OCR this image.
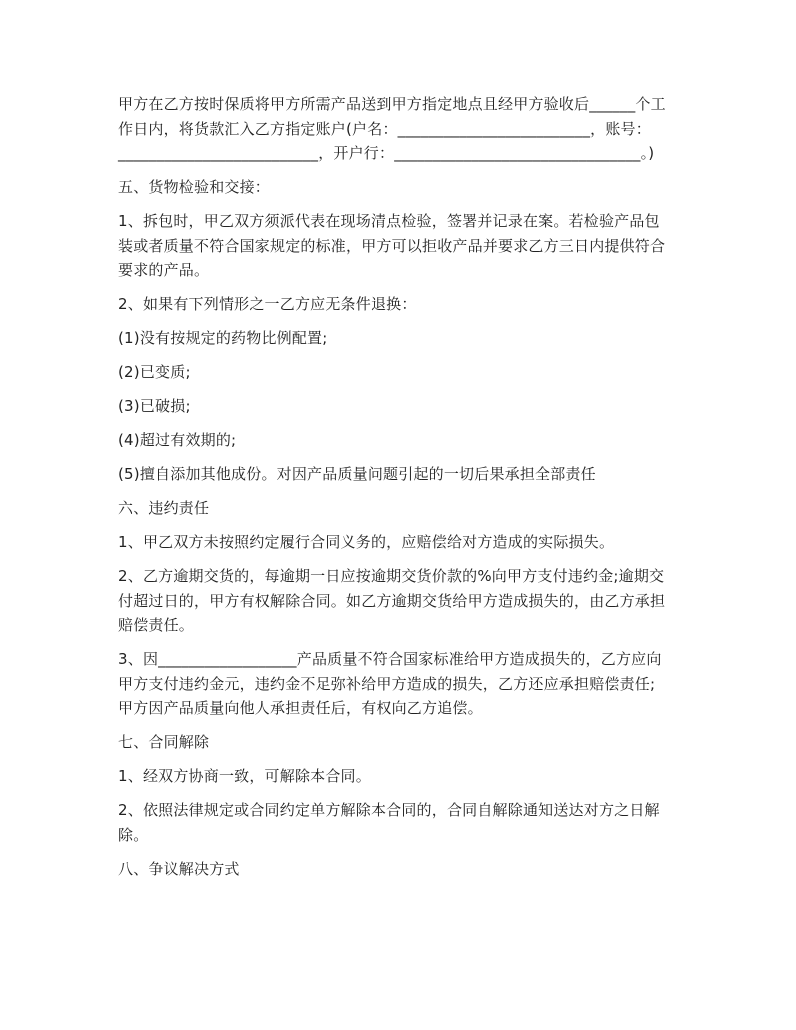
甲方在乙方按时保质将甲方所需产品送到甲方指定地点且经甲方验收后______个工
作日内，将货款汇入乙方指定账户(户名：_________________________，账号：
__________________________，开户行：________________________________。)
五、货物检验和交接：
1、拆包时，甲乙双方须派代表在现场清点检验，签署并记录在案。若检验产品包
装或者质量不符合国家规定的标准，甲方可以拒收产品并要求乙方三日内提供符合
要求的产品。
2、如果有下列情形之一乙方应无条件退换：
(1)没有按规定的药物比例配置;
(2)已变质;
(3)已破损;
(4)超过有效期的;
(5)擅自添加其他成份。对因产品质量问题引起的一切后果承担全部责任
六、违约责任
1、甲乙双方未按照约定履行合同义务的，应赔偿给对方造成的实际损失。
2、乙方逾期交货的，每逾期一日应按逾期交货价款的%向甲方支付违约金;逾期交
付超过日的，甲方有权解除合同。如乙方逾期交货给甲方造成损失的，由乙方承担
赔偿责任。
3、因__________________产品质量不符合国家标准给甲方造成损失的，乙方应向
甲方支付违约金元，违约金不足弥补给甲方造成的损失，乙方还应承担赔偿责任;
甲方因产品质量向他人承担责任后，有权向乙方追偿。
七、合同解除
1、经双方协商一致，可解除本合同。
2、依照法律规定或合同约定单方解除本合同的，合同自解除通知送达对方之日解
除。
八、争议解决方式
